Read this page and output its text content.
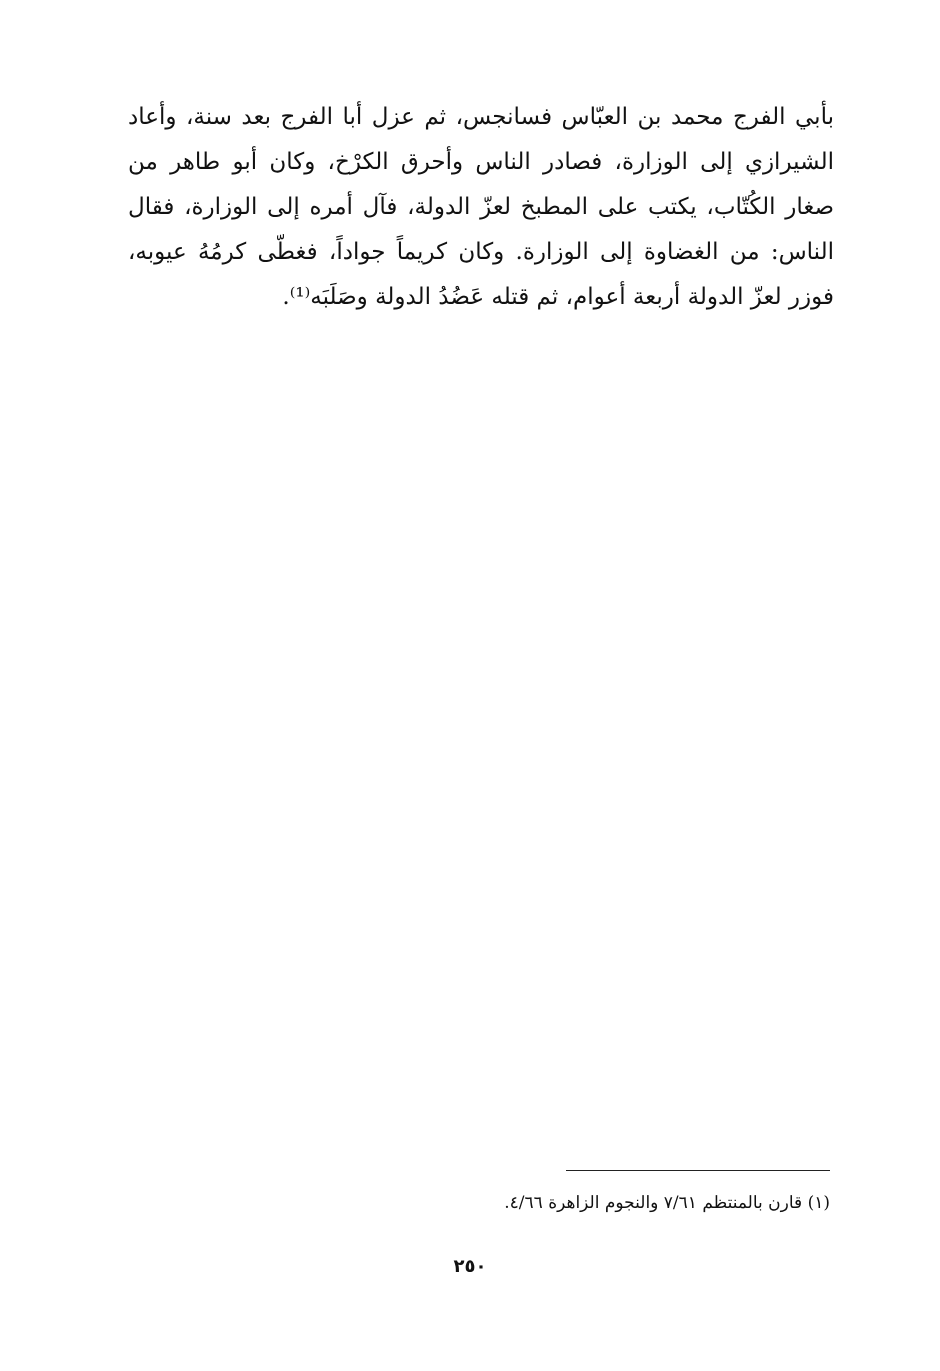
بأبي الفرج محمد بن العبّاس فسانجس، ثم عزل أبا الفرج بعد سنة، وأعاد
الشيرازي إلى الوزارة، فصادر الناس وأحرق الكرْخ، وكان أبو طاهر من
صغار الكُتّاب، يكتب على المطبخ لعزّ الدولة، فآل أمره إلى الوزارة، فقال
الناس: من الغضاوة إلى الوزارة. وكان كريماً جواداً، فغطّى كرمُهُ عيوبه،
فوزر لعزّ الدولة أربعة أعوام، ثم قتله عَضُدُ الدولة وصَلَبَه⁽¹⁾.
(١) قارن بالمنتظم ٧/٦١ والنجوم الزاهرة ٤/٦٦.
٢٥٠
